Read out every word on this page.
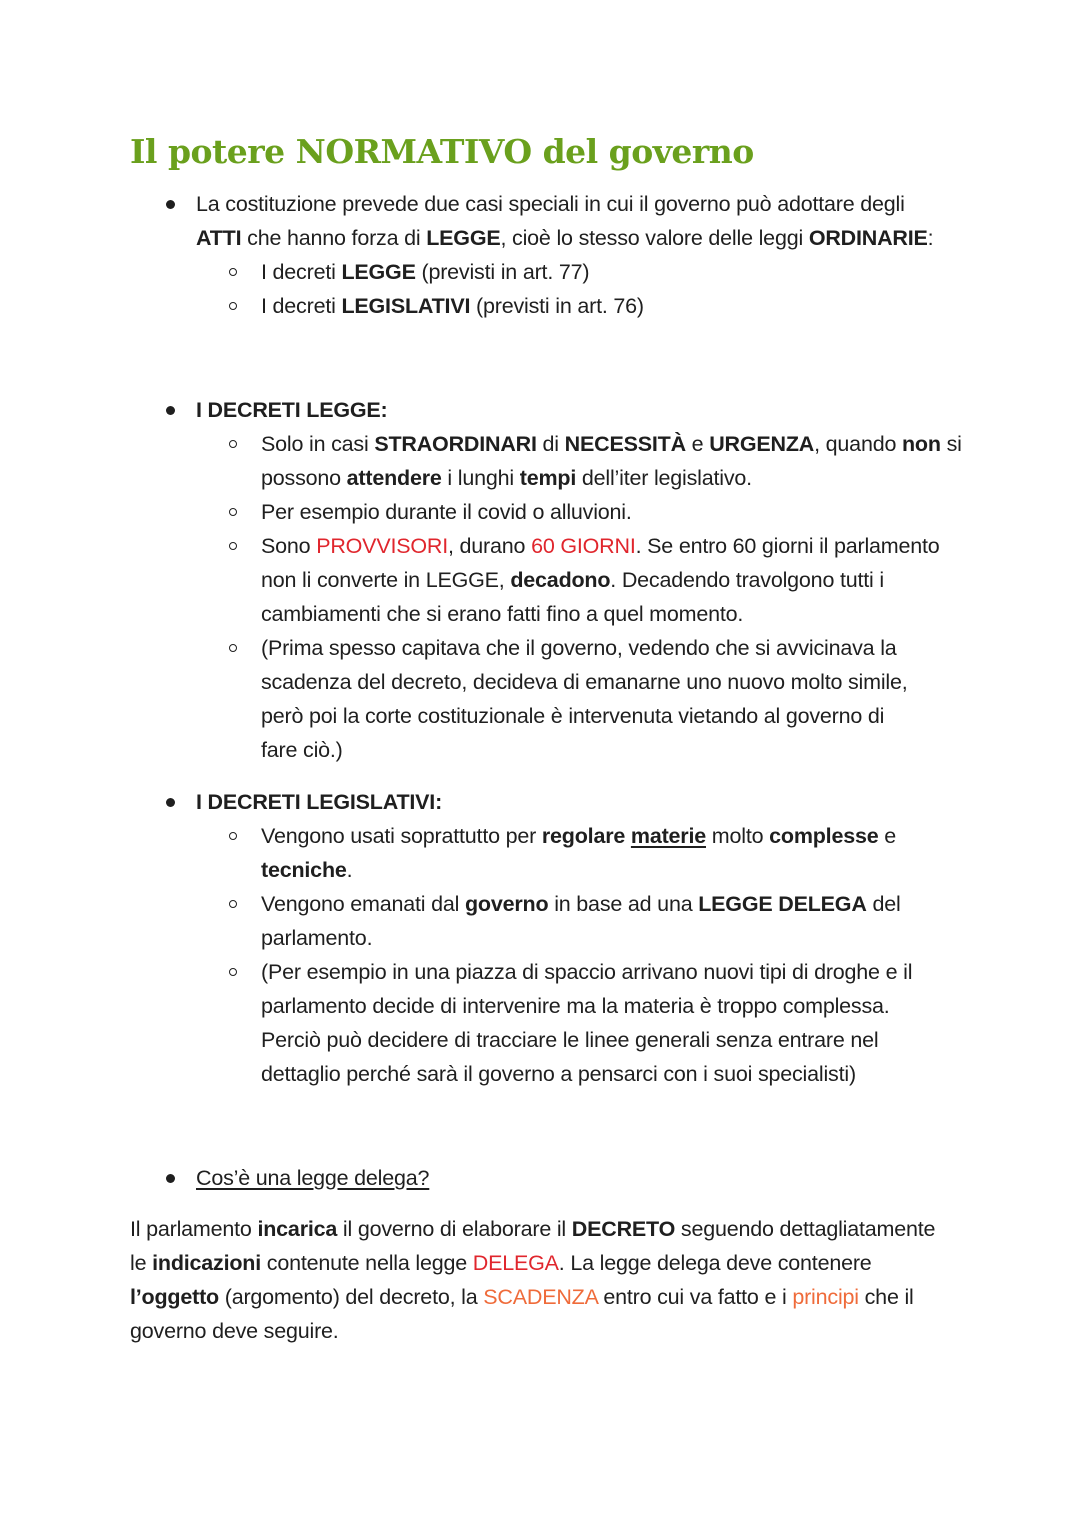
Il potere NORMATIVO del governo
La costituzione prevede due casi speciali in cui il governo può adottare degli
ATTI che hanno forza di LEGGE, cioè lo stesso valore delle leggi ORDINARIE:
I decreti LEGGE (previsti in art. 77)
I decreti LEGISLATIVI (previsti in art. 76)
I DECRETI LEGGE:
Solo in casi STRAORDINARI di NECESSITÀ e URGENZA, quando non si
possono attendere i lunghi tempi dell’iter legislativo.
Per esempio durante il covid o alluvioni.
Sono PROVVISORI, durano 60 GIORNI. Se entro 60 giorni il parlamento
non li converte in LEGGE, decadono. Decadendo travolgono tutti i
cambiamenti che si erano fatti fino a quel momento.
(Prima spesso capitava che il governo, vedendo che si avvicinava la
scadenza del decreto, decideva di emanarne uno nuovo molto simile,
però poi la corte costituzionale è intervenuta vietando al governo di
fare ciò.)
I DECRETI LEGISLATIVI:
Vengono usati soprattutto per regolare materie molto complesse e
tecniche.
Vengono emanati dal governo in base ad una LEGGE DELEGA del
parlamento.
(Per esempio in una piazza di spaccio arrivano nuovi tipi di droghe e il
parlamento decide di intervenire ma la materia è troppo complessa.
Perciò può decidere di tracciare le linee generali senza entrare nel
dettaglio perché sarà il governo a pensarci con i suoi specialisti)
Cos’è una legge delega?
Il parlamento incarica il governo di elaborare il DECRETO seguendo dettagliatamente
le indicazioni contenute nella legge DELEGA. La legge delega deve contenere
l’oggetto (argomento) del decreto, la SCADENZA entro cui va fatto e i principi che il
governo deve seguire.
